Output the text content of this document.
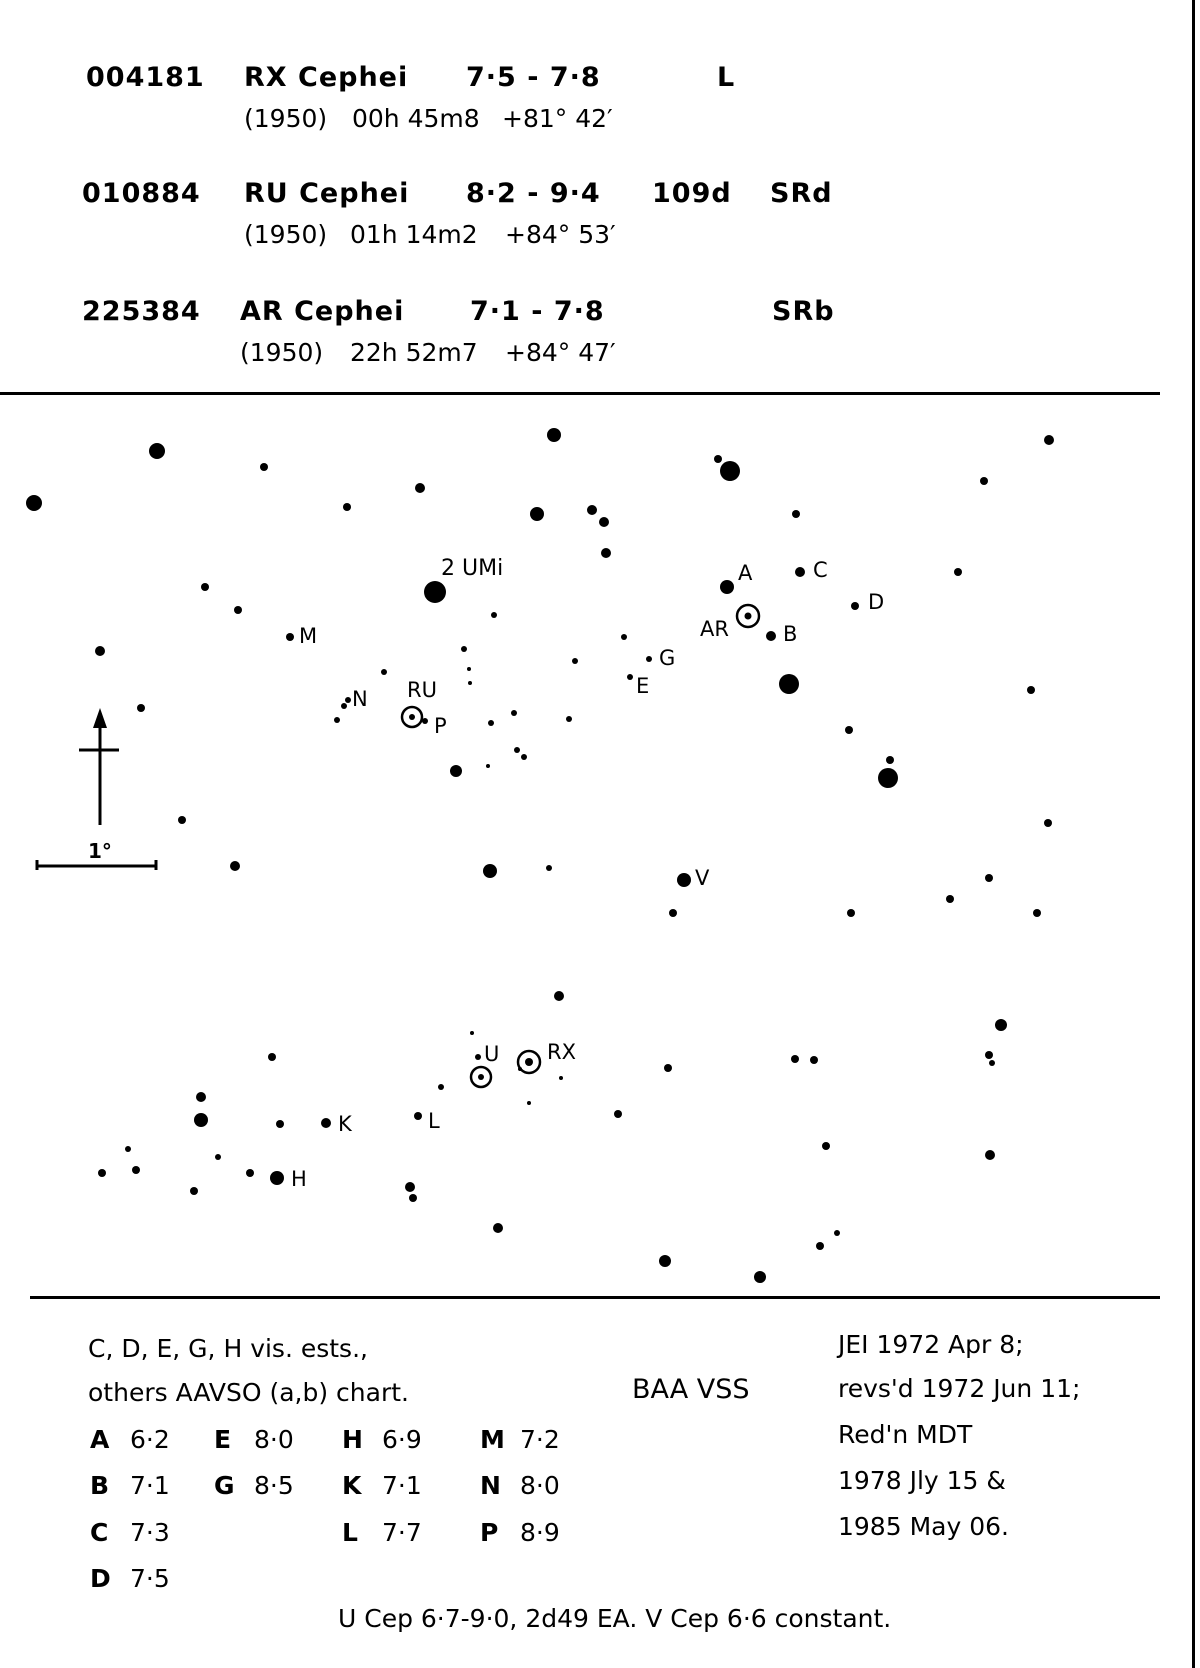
004181 RX Cephei 7·5 - 7·8	L
(1950) 00h 45m8 +81° 42′
010884 RU Cephei 8·2 - 9·4 109d SRd
(1950) 01h 14m2 +84° 53′
225384 AR Cephei 7·1 - 7·8	SRb
(1950) 22h 52m7 +84° 47′
2 UMi	A	C
D
AR	B
G
E
M
N RU
P
V
RX
U
K	L
H
1°
C, D, E, G, H vis. ests.,
others AAVSO (a,b) chart.	BAA VSS
JEI 1972 Apr 8;
revs'd 1972 Jun 11;
Red'n MDT
1978 Jly 15 &
1985 May 06.
A 6·2
B 7·1
C 7·3
D 7·5
E 8·0
G 8·5
H 6·9
K 7·1
L 7·7
M 7·2
N 8·0
P 8·9
U Cep 6·7-9·0, 2d49 EA. V Cep 6·6 constant.
